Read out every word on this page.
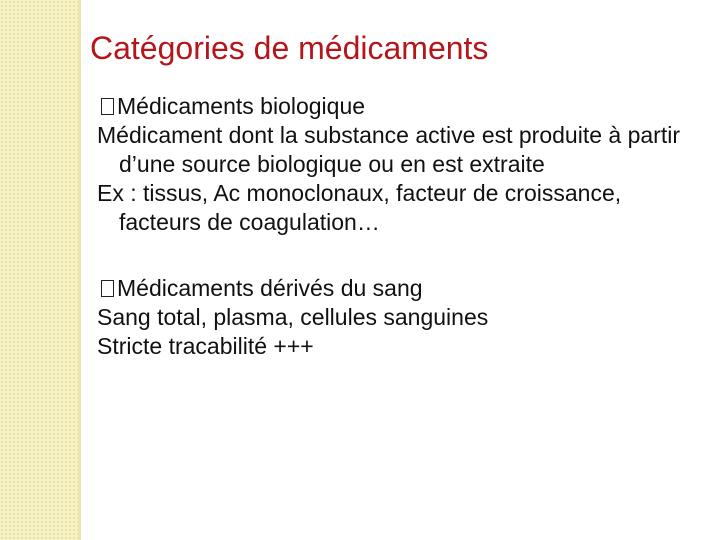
Catégories de médicaments

Médicaments biologique

Médicament dont la substance active est produite à partir d’une source biologique ou en est extraite

Ex : tissus, Ac monoclonaux, facteur de croissance, facteurs de coagulation…

Médicaments dérivés du sang

Sang total, plasma, cellules sanguines

Stricte tracabilité +++
